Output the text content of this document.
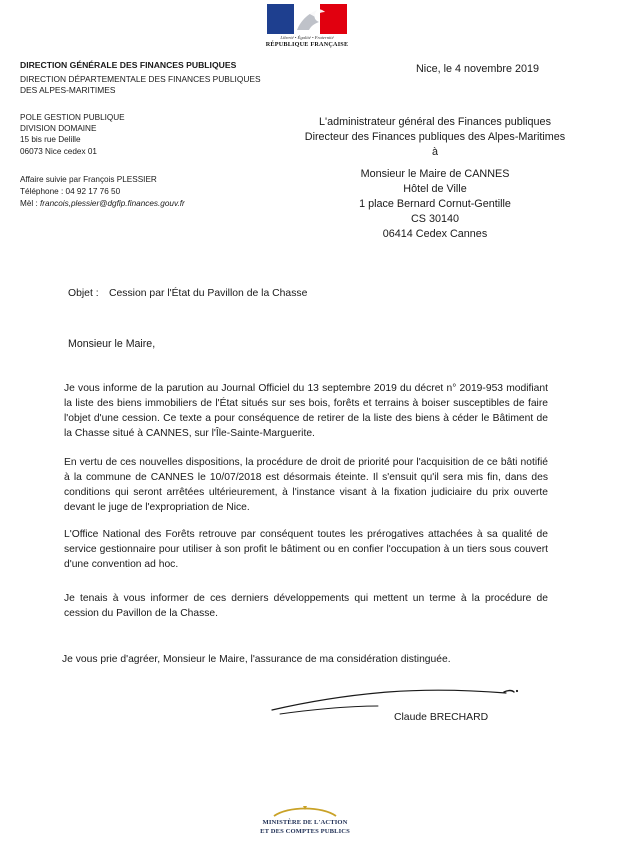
Liberté • Égalité • Fraternité
RÉPUBLIQUE FRANÇAISE
DIRECTION GÉNÉRALE DES FINANCES PUBLIQUES
DIRECTION DÉPARTEMENTALE DES FINANCES PUBLIQUES
DES ALPES-MARITIMES
POLE GESTION PUBLIQUE
DIVISION DOMAINE
15 bis rue Delille
06073 Nice cedex 01
Affaire suivie par François PLESSIER
Téléphone : 04 92 17 76 50
Mèl : francois,plessier@dgfip.finances.gouv.fr
Nice, le 4 novembre 2019
L'administrateur général des Finances publiques
Directeur des Finances publiques des Alpes-Maritimes
à
Monsieur le Maire de CANNES
Hôtel de Ville
1 place Bernard Cornut-Gentille
CS 30140
06414 Cedex Cannes
Objet : Cession par l'État du Pavillon de la Chasse
Monsieur le Maire,
Je vous informe de la parution au Journal Officiel du 13 septembre 2019 du décret n° 2019-953 modifiant la liste des biens immobiliers de l'État situés sur ses bois, forêts et terrains à boiser susceptibles de faire l'objet d'une cession. Ce texte a pour conséquence de retirer de la liste des biens à céder le Bâtiment de la Chasse situé à CANNES, sur l'Île-Sainte-Marguerite.
En vertu de ces nouvelles dispositions, la procédure de droit de priorité pour l'acquisition de ce bâti notifié à la commune de CANNES le 10/07/2018 est désormais éteinte. Il s'ensuit qu'il sera mis fin, dans des conditions qui seront arrêtées ultérieurement, à l'instance visant à la fixation judiciaire du prix ouverte devant le juge de l'expropriation de Nice.
L'Office National des Forêts retrouve par conséquent toutes les prérogatives attachées à sa qualité de service gestionnaire pour utiliser à son profit le bâtiment ou en confier l'occupation à un tiers sous couvert d'une convention ad hoc.
Je tenais à vous informer de ces derniers développements qui mettent un terme à la procédure de cession du Pavillon de la Chasse.
Je vous prie d'agréer, Monsieur le Maire, l'assurance de ma considération distinguée.
Claude BRECHARD
MINISTÈRE DE L'ACTION
ET DES COMPTES PUBLICS
